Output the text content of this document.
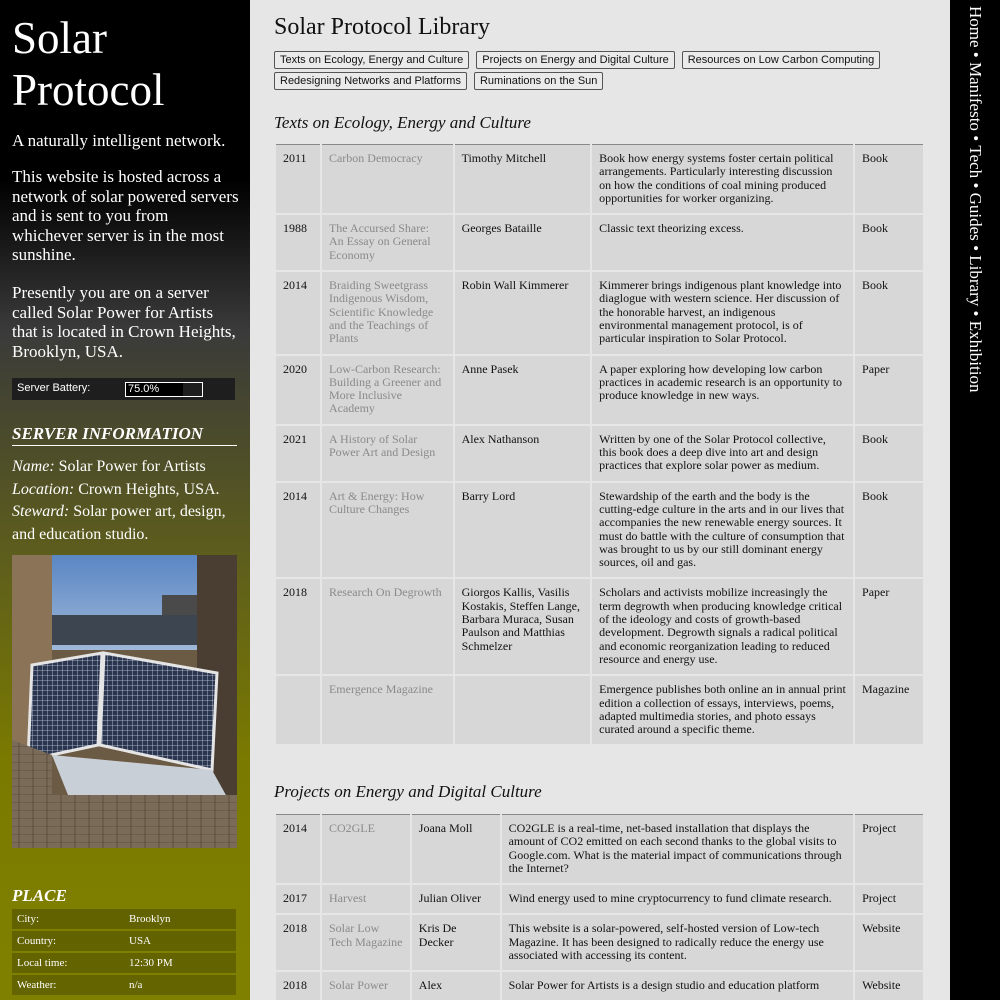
Solar Protocol

A naturally intelligent network.

This website is hosted across a network of solar powered servers and is sent to you from whichever server is in the most sunshine.

Presently you are on a server called Solar Power for Artists that is located in Crown Heights, Brooklyn, USA.

Server Battery:	75.0%
SERVER INFORMATION
Name: Solar Power for Artists
Location: Crown Heights, USA.
Steward: Solar power art, design, and education studio.
PLACE
City:	Brooklyn
Country:	USA
Local time:	12:30 PM
Weather:	n/a
Solar Protocol Library
Texts on Ecology, Energy and Culture Projects on Energy and Digital Culture Resources on Low Carbon Computing Redesigning Networks and Platforms Ruminations on the Sun
Texts on Ecology, Energy and Culture
2011	Carbon Democracy	Timothy Mitchell	Book how energy systems foster certain political arrangements. Particularly interesting discussion on how the conditions of coal mining produced opportunities for worker organizing.	Book
1988	The Accursed Share: An Essay on General Economy	Georges Bataille	Classic text theorizing excess.	Book
2014	Braiding Sweetgrass Indigenous Wisdom, Scientific Knowledge and the Teachings of Plants	Robin Wall Kimmerer	Kimmerer brings indigenous plant knowledge into diaglogue with western science. Her discussion of the honorable harvest, an indigenous environmental management protocol, is of particular inspiration to Solar Protocol.	Book
2020	Low-Carbon Research: Building a Greener and More Inclusive Academy	Anne Pasek	A paper exploring how developing low carbon practices in academic research is an opportunity to produce knowledge in new ways.	Paper
2021	A History of Solar Power Art and Design	Alex Nathanson	Written by one of the Solar Protocol collective, this book does a deep dive into art and design practices that explore solar power as medium.	Book
2014	Art & Energy: How Culture Changes	Barry Lord	Stewardship of the earth and the body is the cutting-edge culture in the arts and in our lives that accompanies the new renewable energy sources. It must do battle with the culture of consumption that was brought to us by our still dominant energy sources, oil and gas.	Book
2018	Research On Degrowth	Giorgos Kallis, Vasilis Kostakis, Steffen Lange, Barbara Muraca, Susan Paulson and Matthias Schmelzer	Scholars and activists mobilize increasingly the term degrowth when producing knowledge critical of the ideology and costs of growth-based development. Degrowth signals a radical political and economic reorganization leading to reduced resource and energy use.	Paper
	Emergence Magazine		Emergence publishes both online an in annual print edition a collection of essays, interviews, poems, adapted multimedia stories, and photo essays curated around a specific theme.	Magazine
Projects on Energy and Digital Culture
2014	CO2GLE	Joana Moll	CO2GLE is a real-time, net-based installation that displays the amount of CO2 emitted on each second thanks to the global visits to Google.com. What is the material impact of communications through the Internet?	Project
2017	Harvest	Julian Oliver	Wind energy used to mine cryptocurrency to fund climate research.	Project
2018	Solar Low Tech Magazine	Kris De Decker	This website is a solar-powered, self-hosted version of Low-tech Magazine. It has been designed to radically reduce the energy use associated with accessing its content.	Website
2018	Solar Power	Alex	Solar Power for Artists is a design studio and education platform	Website
Home • Manifesto • Tech • Guides • Library • Exhibition
